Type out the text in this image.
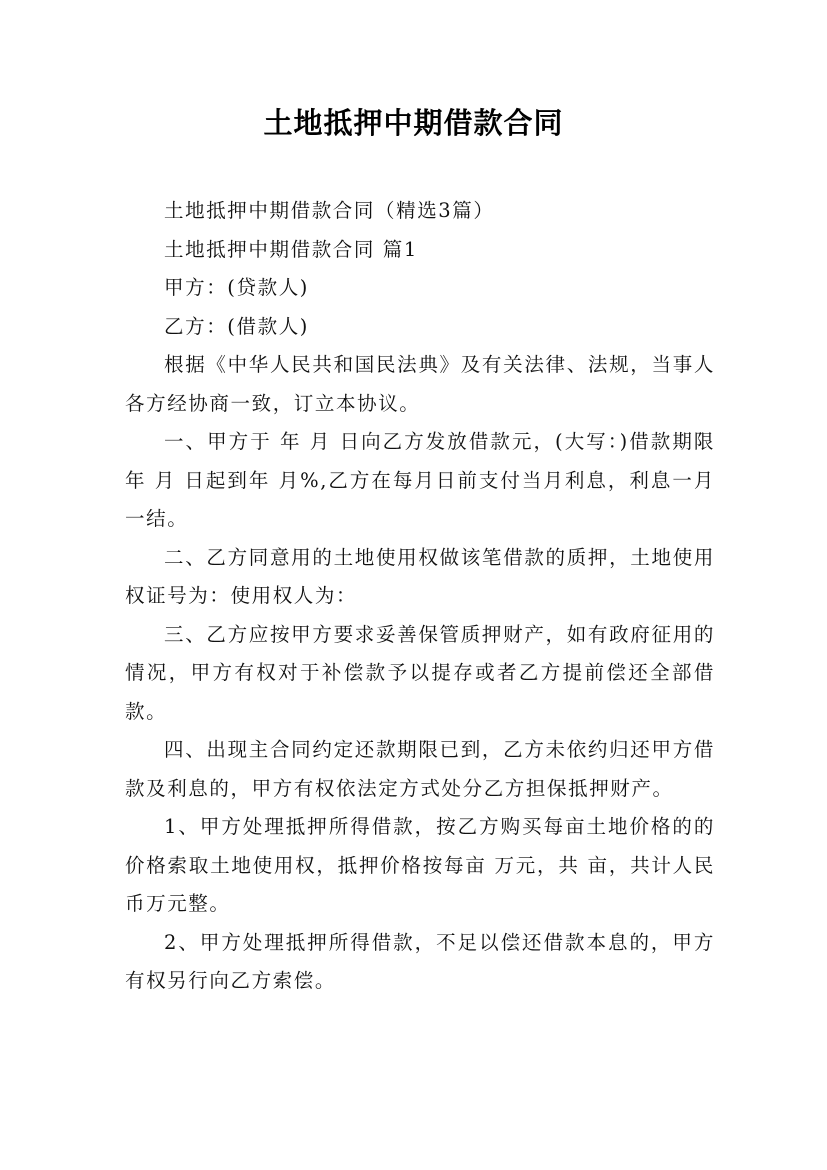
土地抵押中期借款合同

土地抵押中期借款合同（精选3篇）

土地抵押中期借款合同 篇1

甲方：(贷款人)

乙方：(借款人)

根据《中华人民共和国民法典》及有关法律、法规，当事人各方经协商一致，订立本协议。

一、甲方于 年 月 日向乙方发放借款元，(大写：)借款期限年 月 日起到年 月%,乙方在每月日前支付当月利息，利息一月一结。

二、乙方同意用的土地使用权做该笔借款的质押，土地使用权证号为：使用权人为：

三、乙方应按甲方要求妥善保管质押财产，如有政府征用的情况，甲方有权对于补偿款予以提存或者乙方提前偿还全部借款。

四、出现主合同约定还款期限已到，乙方未依约归还甲方借款及利息的，甲方有权依法定方式处分乙方担保抵押财产。

1、甲方处理抵押所得借款，按乙方购买每亩土地价格的的价格索取土地使用权，抵押价格按每亩 万元，共 亩，共计人民币万元整。

2、甲方处理抵押所得借款，不足以偿还借款本息的，甲方有权另行向乙方索偿。
